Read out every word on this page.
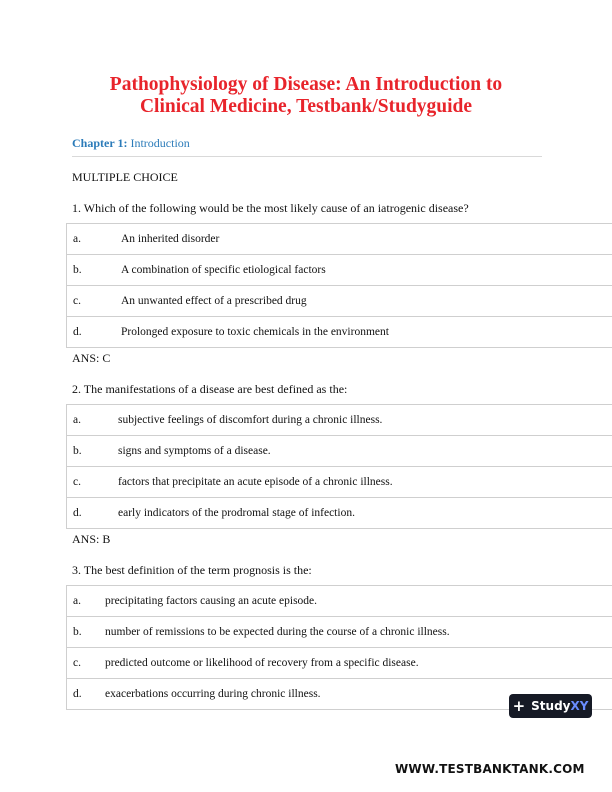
Pathophysiology of Disease: An Introduction to
Clinical Medicine, Testbank/Studyguide
Chapter 1: Introduction
MULTIPLE CHOICE
1. Which of the following would be the most likely cause of an iatrogenic disease?
a.	An inherited disorder
b.	A combination of specific etiological factors
c.	An unwanted effect of a prescribed drug
d.	Prolonged exposure to toxic chemicals in the environment
ANS: C
2. The manifestations of a disease are best defined as the:
a.	subjective feelings of discomfort during a chronic illness.
b.	signs and symptoms of a disease.
c.	factors that precipitate an acute episode of a chronic illness.
d.	early indicators of the prodromal stage of infection.
ANS: B
3. The best definition of the term prognosis is the:
a.	precipitating factors causing an acute episode.
b.	number of remissions to be expected during the course of a chronic illness.
c.	predicted outcome or likelihood of recovery from a specific disease.
d.	exacerbations occurring during chronic illness.
+ StudyXY
WWW.TESTBANKTANK.COM
